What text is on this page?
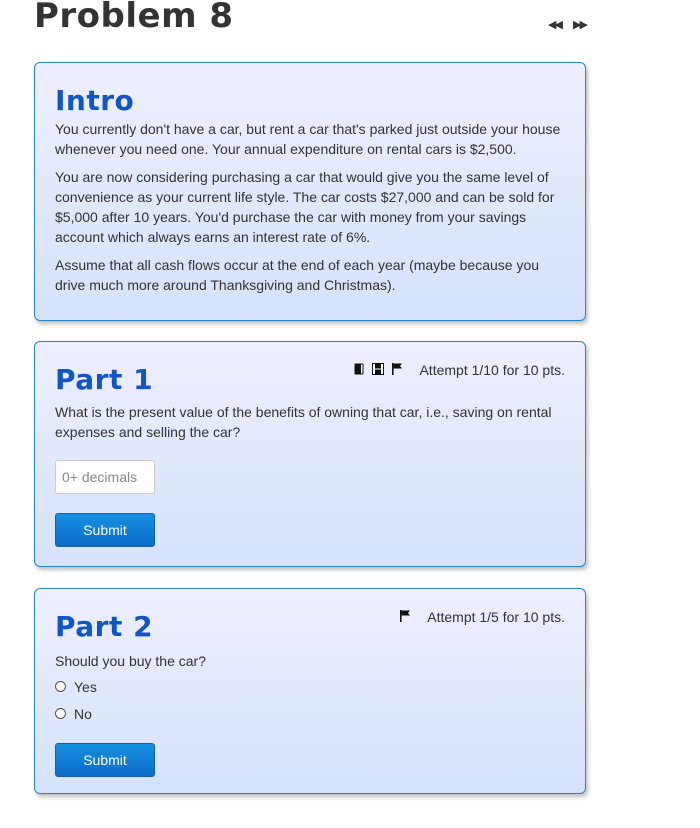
Problem 8	◀◀ ▶▶
Intro

You currently don't have a car, but rent a car that's parked just outside your house whenever you need one. Your annual expenditure on rental cars is $2,500.

You are now considering purchasing a car that would give you the same level of convenience as your current life style. The car costs $27,000 and can be sold for $5,000 after 10 years. You'd purchase the car with money from your savings account which always earns an interest rate of 6%.

Assume that all cash flows occur at the end of each year (maybe because you drive much more around Thanksgiving and Christmas).

Attempt 1/10 for 10 pts.
Part 1

What is the present value of the benefits of owning that car, i.e., saving on rental expenses and selling the car?

0+ decimals
Submit
Attempt 1/5 for 10 pts.
Part 2

Should you buy the car?

Yes
No
Submit
